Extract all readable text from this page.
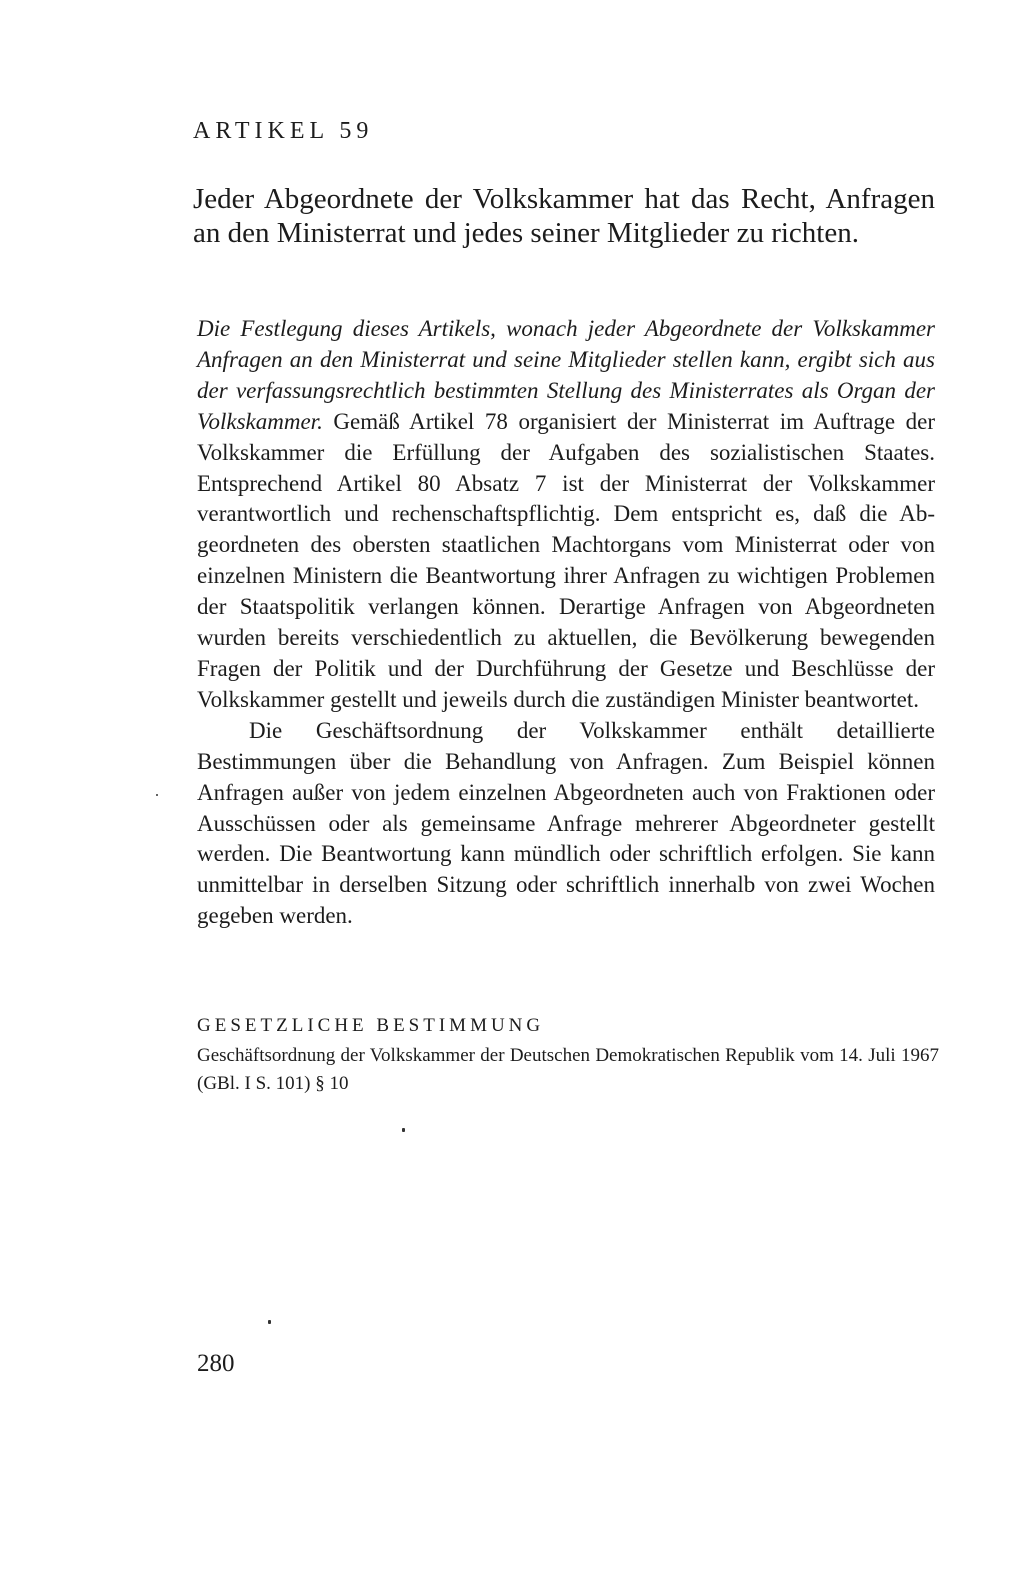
ARTIKEL 59

Jeder Abgeordnete der Volkskammer hat das Recht, Anfragen an den Ministerrat und jedes seiner Mitglieder zu richten.

Die Festlegung dieses Artikels, wonach jeder Abgeordnete der Volkskammer Anfragen an den Ministerrat und seine Mitglieder stellen kann, ergibt sich aus der verfassungsrechtlich bestimmten Stellung des Ministerrates als Organ der Volkskammer. Gemäß Artikel 78 organisiert der Ministerrat im Auftrage der Volkskammer die Erfüllung der Aufgaben des sozialistischen Staates. Entsprechend Artikel 80 Absatz 7 ist der Ministerrat der Volkskammer verantwortlich und rechenschaftspflichtig. Dem entspricht es, daß die Abgeordneten des obersten staatlichen Machtorgans vom Ministerrat oder von einzelnen Ministern die Beantwortung ihrer Anfragen zu wichtigen Problemen der Staatspolitik verlangen können. Derartige Anfragen von Abgeordneten wurden bereits verschiedentlich zu aktuellen, die Bevölkerung bewegenden Fragen der Politik und der Durchführung der Gesetze und Beschlüsse der Volkskammer gestellt und jeweils durch die zuständigen Minister beantwortet.

Die Geschäftsordnung der Volkskammer enthält detaillierte Bestimmungen über die Behandlung von Anfragen. Zum Beispiel können Anfragen außer von jedem einzelnen Abgeordneten auch von Fraktionen oder Ausschüssen oder als gemeinsame Anfrage mehrerer Abgeordneter gestellt werden. Die Beantwortung kann mündlich oder schriftlich erfolgen. Sie kann unmittelbar in derselben Sitzung oder schriftlich innerhalb von zwei Wochen gegeben werden.

GESETZLICHE BESTIMMUNG

Geschäftsordnung der Volkskammer der Deutschen Demokratischen Republik vom 14. Juli 1967 (GBl. I S. 101) § 10

280
